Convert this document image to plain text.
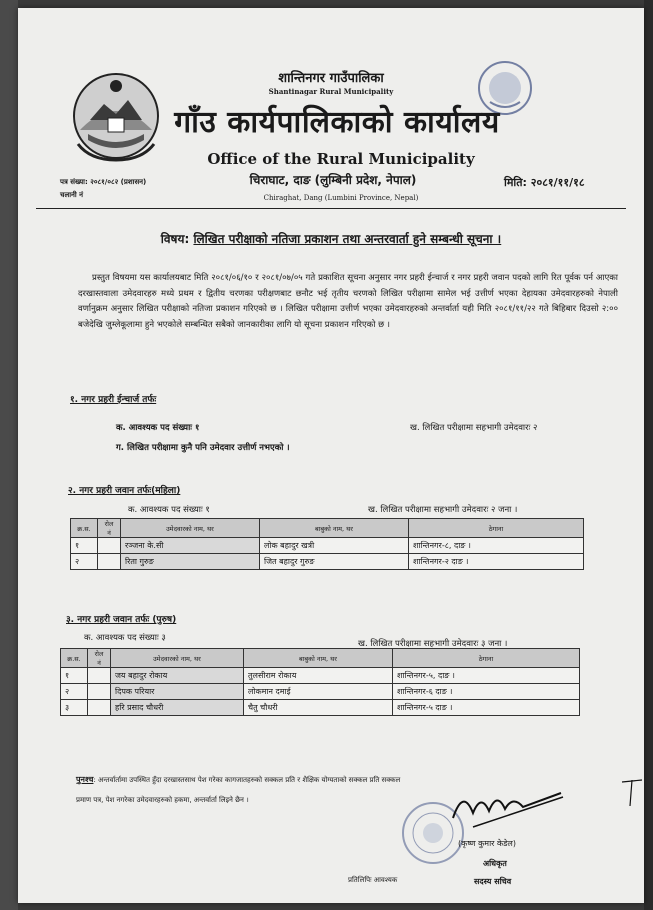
शान्तिनगर गाउँपालिका
Shantinagar Rural Municipality
गाँउ कार्यपालिकाको कार्यालय
Office of the Rural Municipality
चिराघाट, दाङ (लुम्बिनी प्रदेश, नेपाल)
Chiraghat, Dang (Lumbini Province, Nepal)
पत्र संख्या: २०८१/०८२ (प्रशासन)
चलानी नं
मिति: २०८१/११/१८
विषय: लिखित परीक्षाको नतिजा प्रकाशन तथा अन्तरवार्ता हुने सम्बन्धी सूचना ।
प्रस्तुत विषयमा यस कार्यालयबाट मिति २०८१/०६/१० र २०८१/०७/०५ गते प्रकाशित सूचना अनुसार नगर प्रहरी ईन्चार्ज र नगर प्रहरी जवान पदको लागि रित पूर्वक पर्न आएका दरखास्तवाला उमेदवारहरु मध्ये प्रथम र द्वितीय चरणका परीक्षणबाट छनौट भई तृतीय चरणको लिखित परीक्षामा सामेल भई उत्तीर्ण भएका देहायका उमेदवारहरुको नेपाली वर्णानुक्रम अनुसार लिखित परीक्षाको नतिजा प्रकाशन गरिएको छ । लिखित परीक्षामा उत्तीर्ण भएका उमेदवारहरुको अन्तर्वार्ता यही मिति २०८१/११/२२ गते बिहिबार दिउसो २:०० बजेदेखि जुम्लेकूलामा हुने भएकोले सम्बन्धित सबैको जानकारीका लागि यो सूचना प्रकाशन गरिएको छ ।
१. नगर प्रहरी ईन्चार्ज तर्फः
क. आवश्यक पद संख्याः १	ख. लिखित परीक्षामा सहभागी उमेदवारः २
ग. लिखित परीक्षामा कुनै पनि उमेदवार उत्तीर्ण नभएको ।
२. नगर प्रहरी जवान तर्फः(महिला)
क. आवश्यक पद संख्याः १	ख. लिखित परीक्षामा सहभागी उमेदवारः २ जना ।
क्र.स.	रोल नं	उमेदवारको नाम, थर	बाबुको नाम, थर	ठेगाना
१		रञ्जना के.सी	लोक बहादुर खत्री	शान्तिनगर-८, दाङ ।
२		रिता गुरुङ	जित बहादुर गुरुङ	शान्तिनगर-२ दाङ ।
३. नगर प्रहरी जवान तर्फः (पुरुष)
क. आवश्यक पद संख्याः ३
ख. लिखित परीक्षामा सहभागी उमेदवारः ३ जना ।
क्र.स.	रोल नं	उमेदवारको नाम, थर	बाबुको नाम, थर	ठेगाना
१		जय बहादुर रोकाय	तुलसीराम रोकाय	शान्तिनगर-५, दाङ ।
२		दिपक परियार	लोकमान दमाई	शान्तिनगर-६ दाङ ।
३		हरि प्रसाद चौधरी	चैतु चौधरी	शान्तिनगर-५ दाङ ।
पुनश्च: अन्तर्वार्तामा उपस्थित हुँदा दरखास्तसाथ पेश गरेका कागजातहरुको सक्कल प्रति र शैक्षिक योग्यताको सक्कल प्रति सक्कल
प्रमाण पत्र, पेश नगरेका उमेदवारहरुको हकमा, अन्तर्वार्ता लिइने छैन ।
(कृष्ण कुमार केडेल)
अधिकृत
सदस्य सचिव
प्रतिलिपिः आवश्यक
